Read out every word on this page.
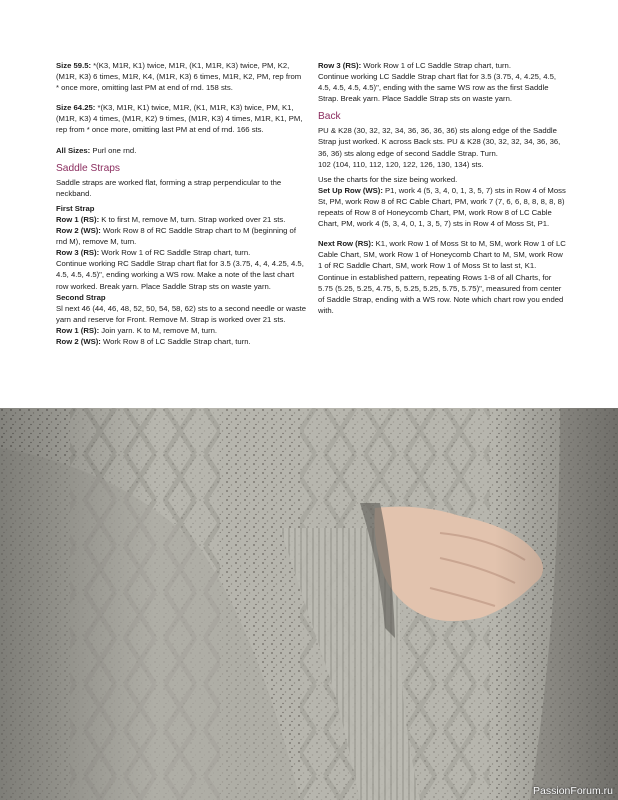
Size 59.5: *(K3, M1R, K1) twice, M1R, (K1, M1R, K3) twice, PM, K2, (M1R, K3) 6 times, M1R, K4, (M1R, K3) 6 times, M1R, K2, PM, rep from * once more, omitting last PM at end of rnd. 158 sts.

Size 64.25: *(K3, M1R, K1) twice, M1R, (K1, M1R, K3) twice, PM, K1, (M1R, K3) 4 times, (M1R, K2) 9 times, (M1R, K3) 4 times, M1R, K1, PM, rep from * once more, omitting last PM at end of rnd. 166 sts.

All Sizes: Purl one rnd.

Saddle Straps

Saddle straps are worked flat, forming a strap perpendicular to the neckband.

First Strap

Row 1 (RS): K to first M, remove M, turn. Strap worked over 21 sts.

Row 2 (WS): Work Row 8 of RC Saddle Strap chart to M (beginning of rnd M), remove M, turn.

Row 3 (RS): Work Row 1 of RC Saddle Strap chart, turn.

Continue working RC Saddle Strap chart flat for 3.5 (3.75, 4, 4, 4.25, 4.5, 4.5, 4.5, 4.5)", ending working a WS row. Make a note of the last chart row worked. Break yarn. Place Saddle Strap sts on waste yarn.

Second Strap

Sl next 46 (44, 46, 48, 52, 50, 54, 58, 62) sts to a second needle or waste yarn and reserve for Front. Remove M. Strap is worked over 21 sts.

Row 1 (RS): Join yarn. K to M, remove M, turn.

Row 2 (WS): Work Row 8 of LC Saddle Strap chart, turn.

Row 3 (RS): Work Row 1 of LC Saddle Strap chart, turn.

Continue working LC Saddle Strap chart flat for 3.5 (3.75, 4, 4.25, 4.5, 4.5, 4.5, 4.5, 4.5)", ending with the same WS row as the first Saddle Strap. Break yarn. Place Saddle Strap sts on waste yarn.

Back

PU & K28 (30, 32, 32, 34, 36, 36, 36, 36) sts along edge of the Saddle Strap just worked. K across Back sts. PU & K28 (30, 32, 32, 34, 36, 36, 36, 36) sts along edge of second Saddle Strap. Turn.

102 (104, 110, 112, 120, 122, 126, 130, 134) sts.

Use the charts for the size being worked.

Set Up Row (WS): P1, work 4 (5, 3, 4, 0, 1, 3, 5, 7) sts in Row 4 of Moss St, PM, work Row 8 of RC Cable Chart, PM, work 7 (7, 6, 6, 8, 8, 8, 8, 8) repeats of Row 8 of Honeycomb Chart, PM, work Row 8 of LC Cable Chart, PM, work 4 (5, 3, 4, 0, 1, 3, 5, 7) sts in Row 4 of Moss St, P1.

Next Row (RS): K1, work Row 1 of Moss St to M, SM, work Row 1 of LC Cable Chart, SM, work Row 1 of Honeycomb Chart to M, SM, work Row 1 of RC Saddle Chart, SM, work Row 1 of Moss St to last st, K1.

Continue in established pattern, repeating Rows 1-8 of all Charts, for 5.75 (5.25, 5.25, 4.75, 5, 5.25, 5.25, 5.75, 5.75)", measured from center of Saddle Strap, ending with a WS row. Note which chart row you ended with.

PassionForum.ru
